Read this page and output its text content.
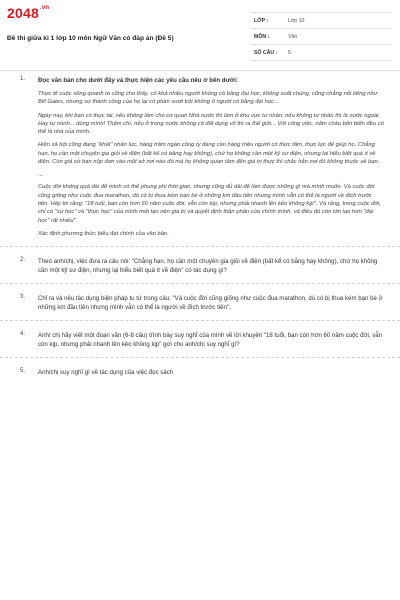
$2048^{.vn}$
Đề thi giữa kì 1 lớp 10 môn Ngữ Văn có đáp án (Đề 5)
LỚP :	Lớp 10
MÔN :	Văn
SỐ CÂU :	5
1. Đọc văn bản cho dưới đây và thực hiện các yêu cầu nêu ở bên dưới:
Thực tế cuộc sống quanh ta cũng cho thấy, có khá nhiều người không có bằng đại học, không xuất chúng, cũng chẳng nổi tiếng như Bill Gates, nhưng sự thành công của họ lại có phần vượt trội không ít người có bằng đại học...
Ngày nay, khi bạn có thực tài, nếu không làm cho cơ quan Nhà nước thì làm ở khu vực tư nhân; nếu không tư nhân thì là nước ngoài. Hay tự mình... dùng mình! Thậm chí, nếu ở trong nước không có đất dụng võ thì ra thế giới... Với công việc, năm châu bốn biển đều có thể là nhà của mình.
Hiện xã hội cũng đang "khát" nhân lực, hàng trăm ngàn công ty đang cần hàng triệu người có thực tâm, thực lực để giúp họ. Chẳng hạn, họ cần một chuyên gia giỏi về điện (bất kể có bằng hay không), chứ họ không cần một kỹ sư điện, nhưng lại hiểu biết quá ít về điện. Còn giả sử bạn nộp đơn vào một sở nơi nào đó mà họ không quan tâm đến giá trị thực thì chắc hẳn nơi đó không thuộc về bạn.
...
Cuộc đời không quá dài để mình có thể phung phí thời gian, nhưng cũng đủ dài để làm được những gì mà mình muốn. Và cuộc đời cũng giống như cuộc đua marathon, dù có bị thua kém bạn bè ở những km đầu tiên nhưng mình vẫn có thể là người về đích trước tiên. Hãy tin rằng: "18 tuổi, bạn còn hơn 60 năm cuộc đời, vẫn còn kịp, nhưng phải nhanh lên kẻo không kịp". Và rằng, trong cuộc đời, chỉ có "sự học" và "thực học" của mình mới tạo nên giá trị và quyết định thân phận của chính mình, và điều đó còn lớn lao hơn "đại học" rất nhiều".
Xác định phương thức biểu đạt chính của văn bản.
2. Theo anh/chị, việc đưa ra câu nói: "Chẳng hạn, họ cần một chuyên gia giỏi về điện (bất kể có bằng hay không), chứ họ không cần một kỹ sư điện, nhưng lại hiểu biết quá ít về điện" có tác dụng gì?
3. Chỉ ra và nêu tác dụng biện pháp tu từ trong câu: "Và cuộc đời cũng giống như cuộc đua marathon, dù có bị thua kém bạn bè ở những km đầu tiên nhưng mình vẫn có thể là người về đích trước tiên".
4. Anh/ chị hãy viết một đoạn văn (6-8 câu) trình bày suy nghĩ của mình về lời khuyên "18 tuổi, bạn còn hơn 60 năm cuộc đời, vẫn còn kịp, nhưng phải nhanh lên kẻo không kịp" gợi cho anh/chị suy nghĩ gì?
5. Anh/chị suy nghĩ gì về tác dụng của việc đọc sách
